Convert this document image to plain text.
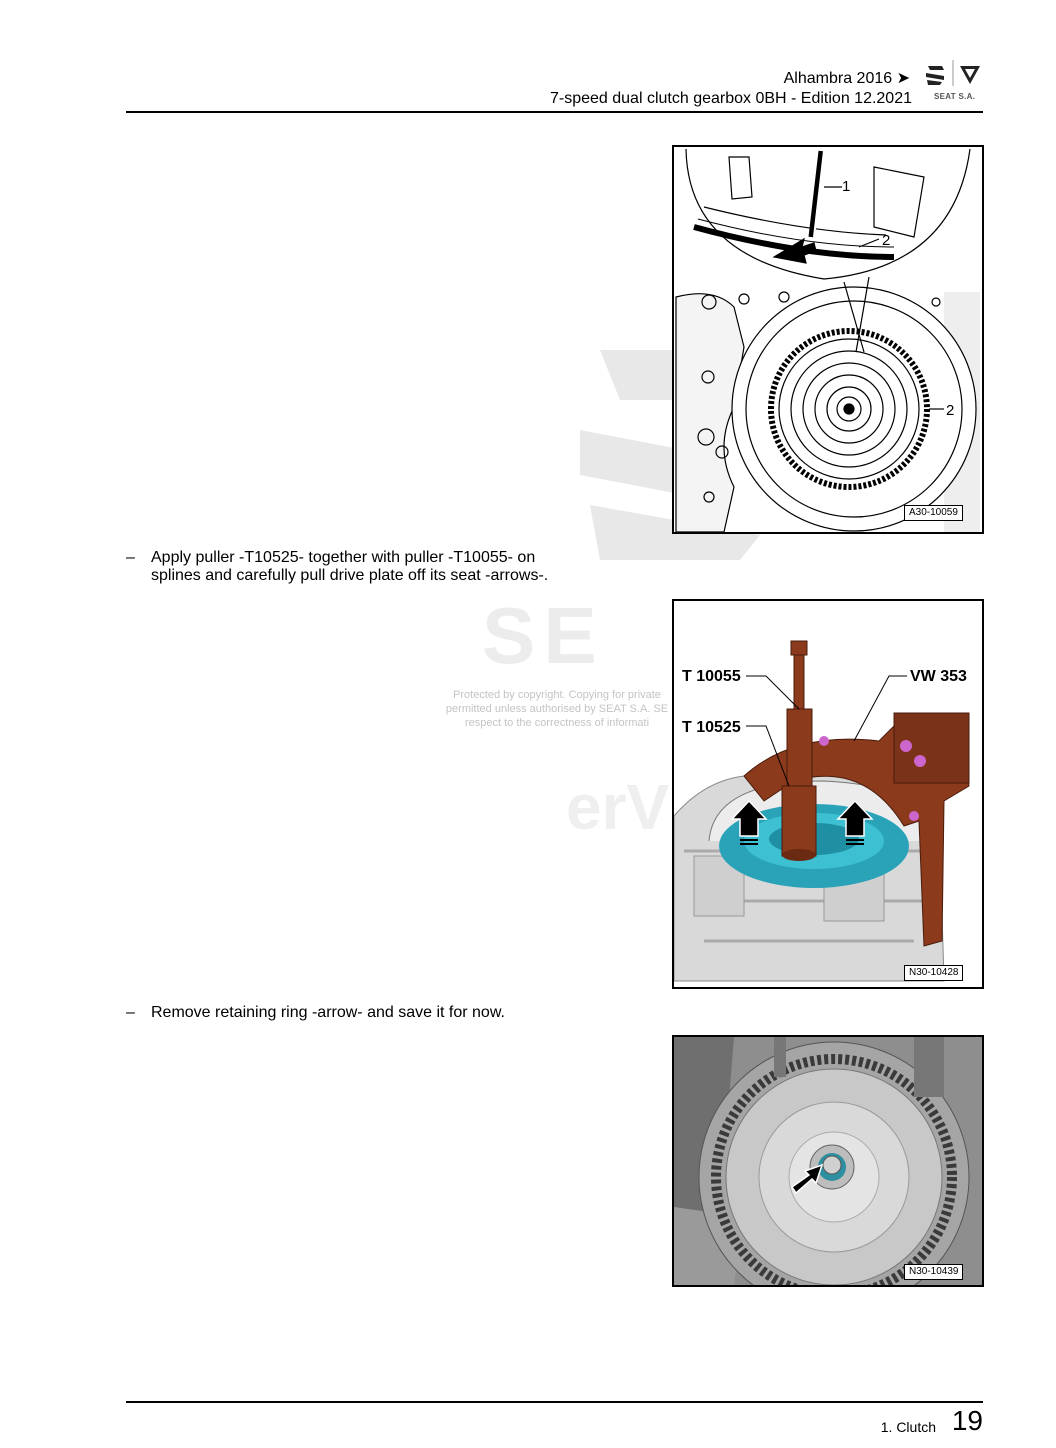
SE
erV
Protected by copyright. Copying for private
permitted unless authorised by SEAT S.A. SE
respect to the correctness of informati
Alhambra 2016 ➤
7-speed dual clutch gearbox 0BH - Edition 12.2021	SEAT S.A.
1
2
2
A30-10059
– Apply puller -T10525- together with puller -T10055- on
splines and carefully pull drive plate off its seat -arrows-.
T 10055	VW 353
T 10525
N30-10428
– Remove retaining ring -arrow- and save it for now.
N30-10439
1. Clutch 19
